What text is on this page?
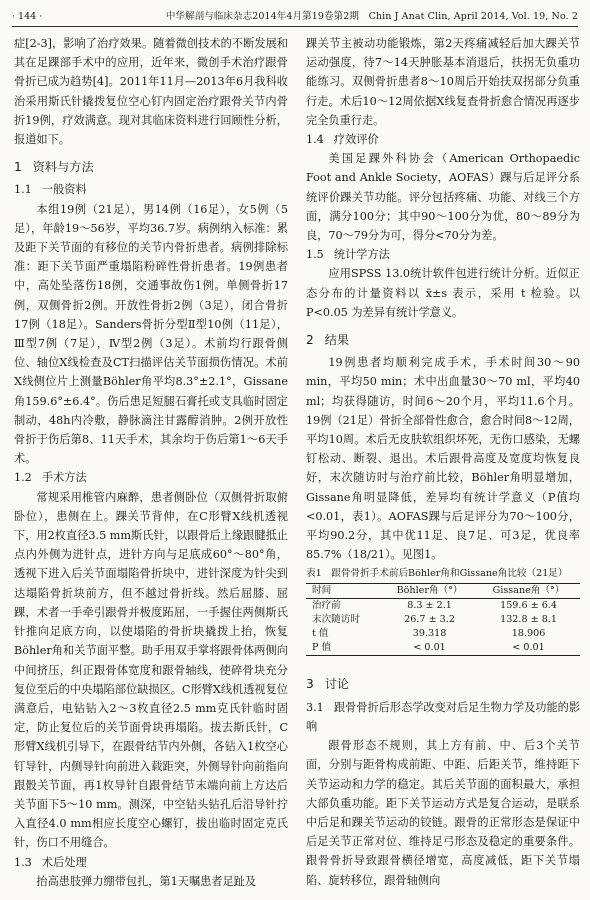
· 144 ·	中华解剖与临床杂志2014年4月第19卷第2期　Chin J Anat Clin, April 2014, Vol. 19, No. 2

症[2-3]，影响了治疗效果。随着微创技术的不断发展和其在足踝部手术中的应用，近年来，微创手术治疗跟骨骨折已成为趋势[4]。2011年11月—2013年6月我科收治采用斯氏针撬拨复位空心钉内固定治疗跟骨关节内骨折19例，疗效满意。现对其临床资料进行回顾性分析，报道如下。

1 资料与方法
1.1 一般资料

本组19例（21足），男14例（16足），女5例（5足），年龄19～56岁，平均36.7岁。病例纳入标准：累及距下关节面的有移位的关节内骨折患者。病例排除标准：距下关节面严重塌陷粉碎性骨折患者。19例患者中，高处坠落伤18例，交通事故伤1例。单侧骨折17例，双侧骨折2例。开放性骨折2例（3足），闭合骨折17例（18足）。Sanders骨折分型Ⅱ型10例（11足），Ⅲ型7例（7足），Ⅳ型2例（3足）。术前均行跟骨侧位、轴位X线检查及CT扫描评估关节面损伤情况。术前X线侧位片上测量Böhler角平均8.3°±2.1°，Gissane角159.6°±6.4°。伤后患足短腿石膏托或支具临时固定制动，48h内冷敷，静脉滴注甘露醇消肿。2例开放性骨折于伤后第8、11天手术，其余均于伤后第1～6天手术。

1.2 手术方法

常规采用椎管内麻醉，患者侧卧位（双侧骨折取俯卧位），患侧在上。踝关节背伸，在C形臂X线机透视下，用2枚直径3.5 mm斯氏针，以跟骨后上缘跟腱抵止点内外侧为进针点，进针方向与足底成60°～80°角，透视下进入后关节面塌陷骨折块中，进针深度为针尖到达塌陷骨折块前方，但不越过骨折线。然后屈膝、屈踝，术者一手牵引跟骨并极度跖屈，一手握住两侧斯氏针推向足底方向，以使塌陷的骨折块撬拨上抬，恢复Böhler角和关节面平整。助手用双手掌将跟骨体两侧向中间挤压，纠正跟骨体宽度和跟骨轴线，使碎骨块充分复位至后的中央塌陷部位缺损区。C形臂X线机透视复位满意后，电钻钻入2～3枚直径2.5 mm克氏针临时固定，防止复位后的关节面骨块再塌陷。拔去斯氏针，C形臂X线机引导下，在跟骨结节内外侧，各钻入1枚空心钉导针，内侧导针向前进入载距突，外侧导针向前指向跟骰关节面，再1枚导针自跟骨结节末端向前上方达后关节面下5～10 mm。测深，中空钻头钻孔后沿导针拧入直径4.0 mm相应长度空心螺钉，拔出临时固定克氏针，伤口不用缝合。

1.3 术后处理

抬高患肢弹力绷带包扎，第1天嘱患者足趾及

踝关节主被动功能锻炼，第2天疼痛减轻后加大踝关节运动强度，待7～14天肿胀基本消退后，扶拐无负重功能练习。双侧骨折患者8～10周后开始扶双拐部分负重行走。术后10～12周依据X线复查骨折愈合情况再逐步完全负重行走。

1.4 疗效评价

美国足踝外科协会（American Orthopaedic Foot and Ankle Society，AOFAS）踝与后足评分系统评价踝关节功能。评分包括疼痛、功能、对线三个方面，满分100分；其中90～100分为优，80～89分为良，70～79分为可，得分<70分为差。

1.5 统计学方法

应用SPSS 13.0统计软件包进行统计分析。近似正态分布的计量资料以 x̄±s 表示，采用 t 检验。以 P<0.05 为差异有统计学意义。

2 结果

19例患者均顺利完成手术，手术时间30～90 min，平均50 min；术中出血量30～70 ml，平均40 ml；均获得随访，时间6～20个月，平均11.6个月。19例（21足）骨折全部骨性愈合，愈合时间8～12周，平均10周。术后无皮肤软组织坏死，无伤口感染，无螺钉松动、断裂、退出。术后跟骨高度及宽度均恢复良好，末次随访时与治疗前比较，Böhler角明显增加，Gissane角明显降低，差异均有统计学意义（P值均<0.01，表1）。AOFAS踝与后足评分为70～100分，平均90.2分，其中优11足、良7足、可3足，优良率85.7%（18/21）。见图1。

表1　跟骨骨折手术前后Böhler角和Gissane角比较（21足）
时间	Böhler角（°）	Gissane角（°）
治疗前	8.3 ± 2.1	159.6 ± 6.4
末次随访时	26.7 ± 3.2	132.8 ± 8.1
t 值	39.318	18.906
P 值	< 0.01	< 0.01
3 讨论
3.1 跟骨骨折后形态学改变对后足生物力学及功能的影响

跟骨形态不规则，其上方有前、中、后3个关节面，分别与距骨构成前距、中距、后距关节，维持距下关节运动和力学的稳定。其后关节面的面积最大，承担大部负重功能。距下关节运动方式是复合运动，是联系中后足和踝关节运动的铰链。跟骨的正常形态是保证中后足关节正常对位、维持足弓形态及稳定的重要条件。跟骨骨折导致跟骨横径增宽，高度减低，距下关节塌陷、旋转移位，跟骨轴侧向
